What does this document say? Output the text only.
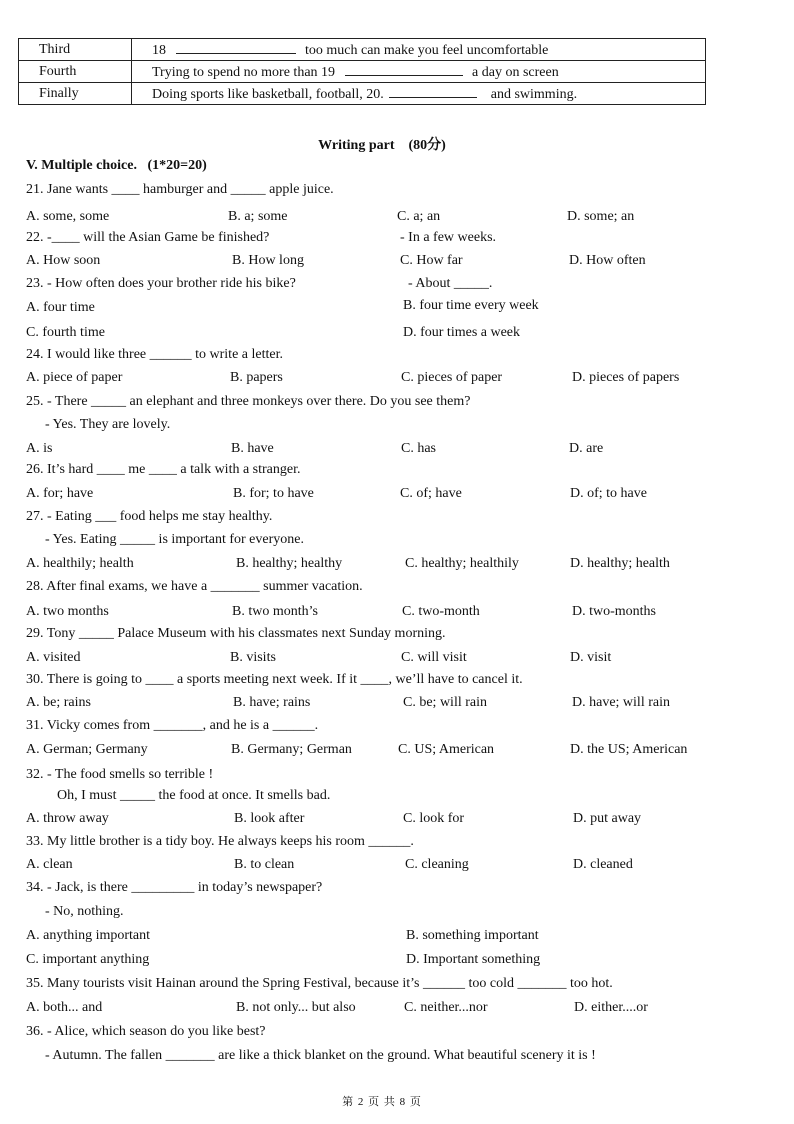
Third	18 too much can make you feel uncomfortable
Fourth	Trying to spend no more than 19 a day on screen
Finally	Doing sports like basketball, football, 20. and swimming.
Writing part    (80分)
V. Multiple choice.   (1*20=20)
21. Jane wants ____ hamburger and _____ apple juice.
A. some, some	B. a; some	C. a; an	D. some; an
22. -____ will the Asian Game be finished?	- In a few weeks.
A. How soon	B. How long	C. How far	D. How often
23. - How often does your brother ride his bike?	- About _____.
A. four time	B. four time every week
C. fourth time	D. four times a week
24. I would like three ______ to write a letter.
A. piece of paper	B. papers	C. pieces of paper	D. pieces of papers
25. - There _____ an elephant and three monkeys over there. Do you see them?
- Yes. They are lovely.
A. is	B. have	C. has	D. are
26. It’s hard ____ me ____ a talk with a stranger.
A. for; have	B. for; to have	C. of; have	D. of; to have
27. - Eating ___ food helps me stay healthy.
- Yes. Eating _____ is important for everyone.
A. healthily; health	B. healthy; healthy	C. healthy; healthily	D. healthy; health
28. After final exams, we have a _______ summer vacation.
A. two months	B. two month’s	C. two-month	D. two-months
29. Tony _____ Palace Museum with his classmates next Sunday morning.
A. visited	B. visits	C. will visit	D. visit
30. There is going to ____ a sports meeting next week. If it ____, we’ll have to cancel it.
A. be; rains	B. have; rains	C. be; will rain	D. have; will rain
31. Vicky comes from _______, and he is a ______.
A. German; Germany	B. Germany; German	C. US; American	D. the US; American
32. - The food smells so terrible !
Oh, I must _____ the food at once. It smells bad.
A. throw away	B. look after	C. look for	D. put away
33. My little brother is a tidy boy. He always keeps his room ______.
A. clean	B. to clean	C. cleaning	D. cleaned
34. - Jack, is there _________ in today’s newspaper?
- No, nothing.
A. anything important	B. something important
C. important anything	D. Important something
35. Many tourists visit Hainan around the Spring Festival, because it’s ______ too cold _______ too hot.
A. both... and	B. not only... but also	C. neither...nor	D. either....or
36. - Alice, which season do you like best?
- Autumn. The fallen _______ are like a thick blanket on the ground. What beautiful scenery it is !
第 2 页 共 8 页
